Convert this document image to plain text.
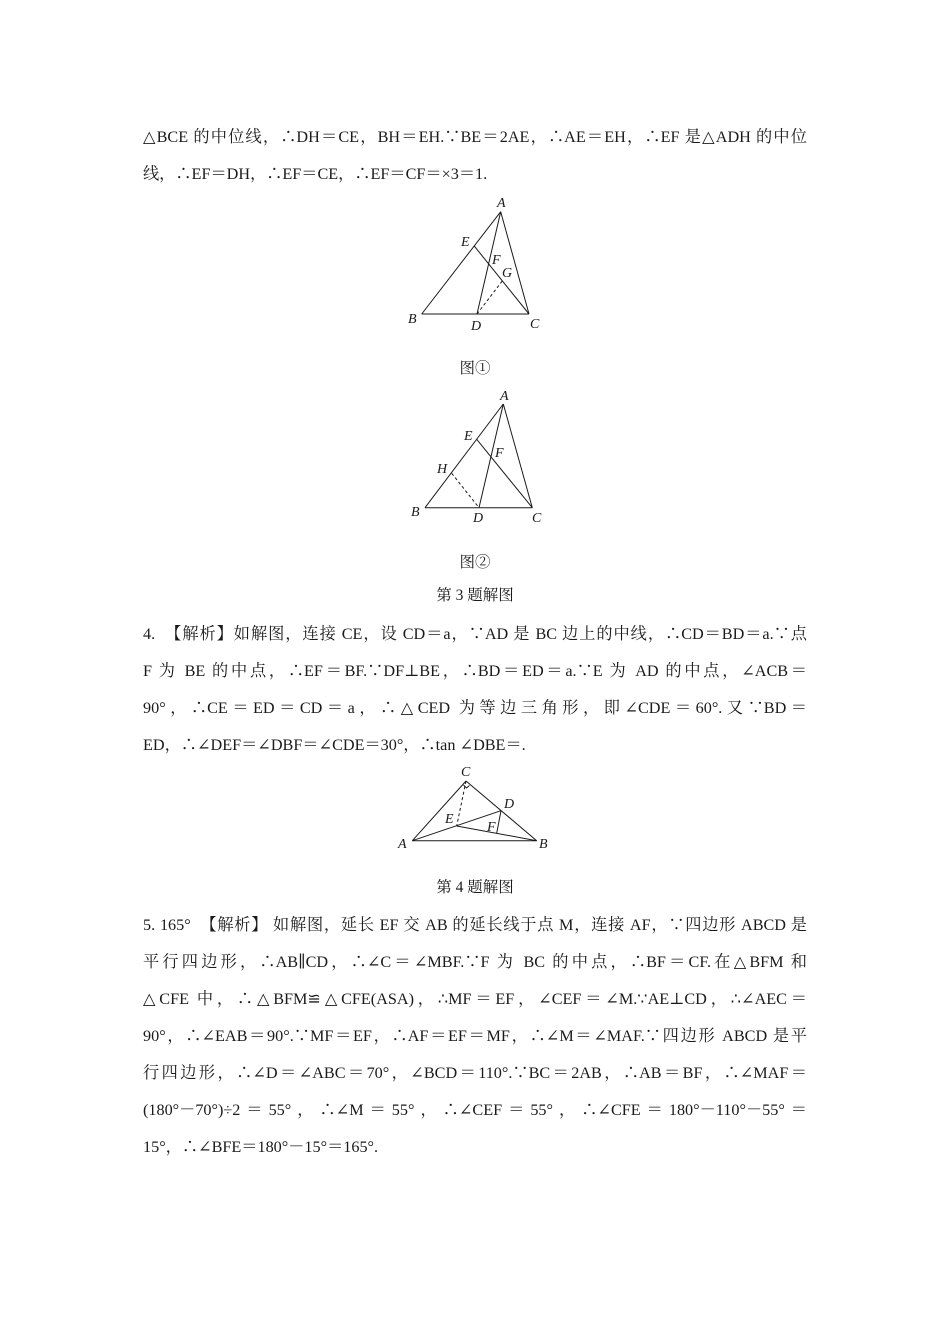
△BCE 的中位线，∴DH＝CE，BH＝EH.∵BE＝2AE，∴AE＝EH，∴EF 是△ADH 的中位
线，∴EF＝DH，∴EF＝CE，∴EF＝CF＝×3＝1.
A
B	C
D
E
F
G
图①
A
B	C
D
E
F
H
图②
第 3 题解图
4.　【解析】如解图，连接 CE，设 CD＝a，∵AD 是 BC 边上的中线，∴CD＝BD＝a.∵点
F 为 BE 的中点，∴EF＝BF.∵DF⊥BE，∴BD＝ED＝a.∵E 为 AD 的中点，∠ACB＝
90°，∴CE＝ED＝CD＝a，∴△CED 为等边三角形，即∠CDE＝60°.又∵BD＝
ED，∴∠DEF＝∠DBF＝∠CDE＝30°，∴tan ∠DBE＝.
C
A	B
D
E
F
第 4 题解图
5. 165°　【解析】 如解图，延长 EF 交 AB 的延长线于点 M，连接 AF，∵四边形 ABCD 是
平行四边形，∴AB∥CD，∴∠C＝∠MBF.∵F 为 BC 的中点，∴BF＝CF.在△BFM 和
△CFE 中，∴△BFM≌△CFE(ASA)，∴MF＝EF，∠CEF＝∠M.∵AE⊥CD，∴∠AEC＝
90°，∴∠EAB＝90°.∵MF＝EF，∴AF＝EF＝MF，∴∠M＝∠MAF.∵四边形 ABCD 是平
行四边形，∴∠D＝∠ABC＝70°，∠BCD＝110°.∵BC＝2AB，∴AB＝BF，∴∠MAF＝
(180°－70°)÷2＝55°，∴∠M＝55°，∴∠CEF＝55°，∴∠CFE＝180°－110°－55°＝
15°，∴∠BFE＝180°－15°＝165°.
